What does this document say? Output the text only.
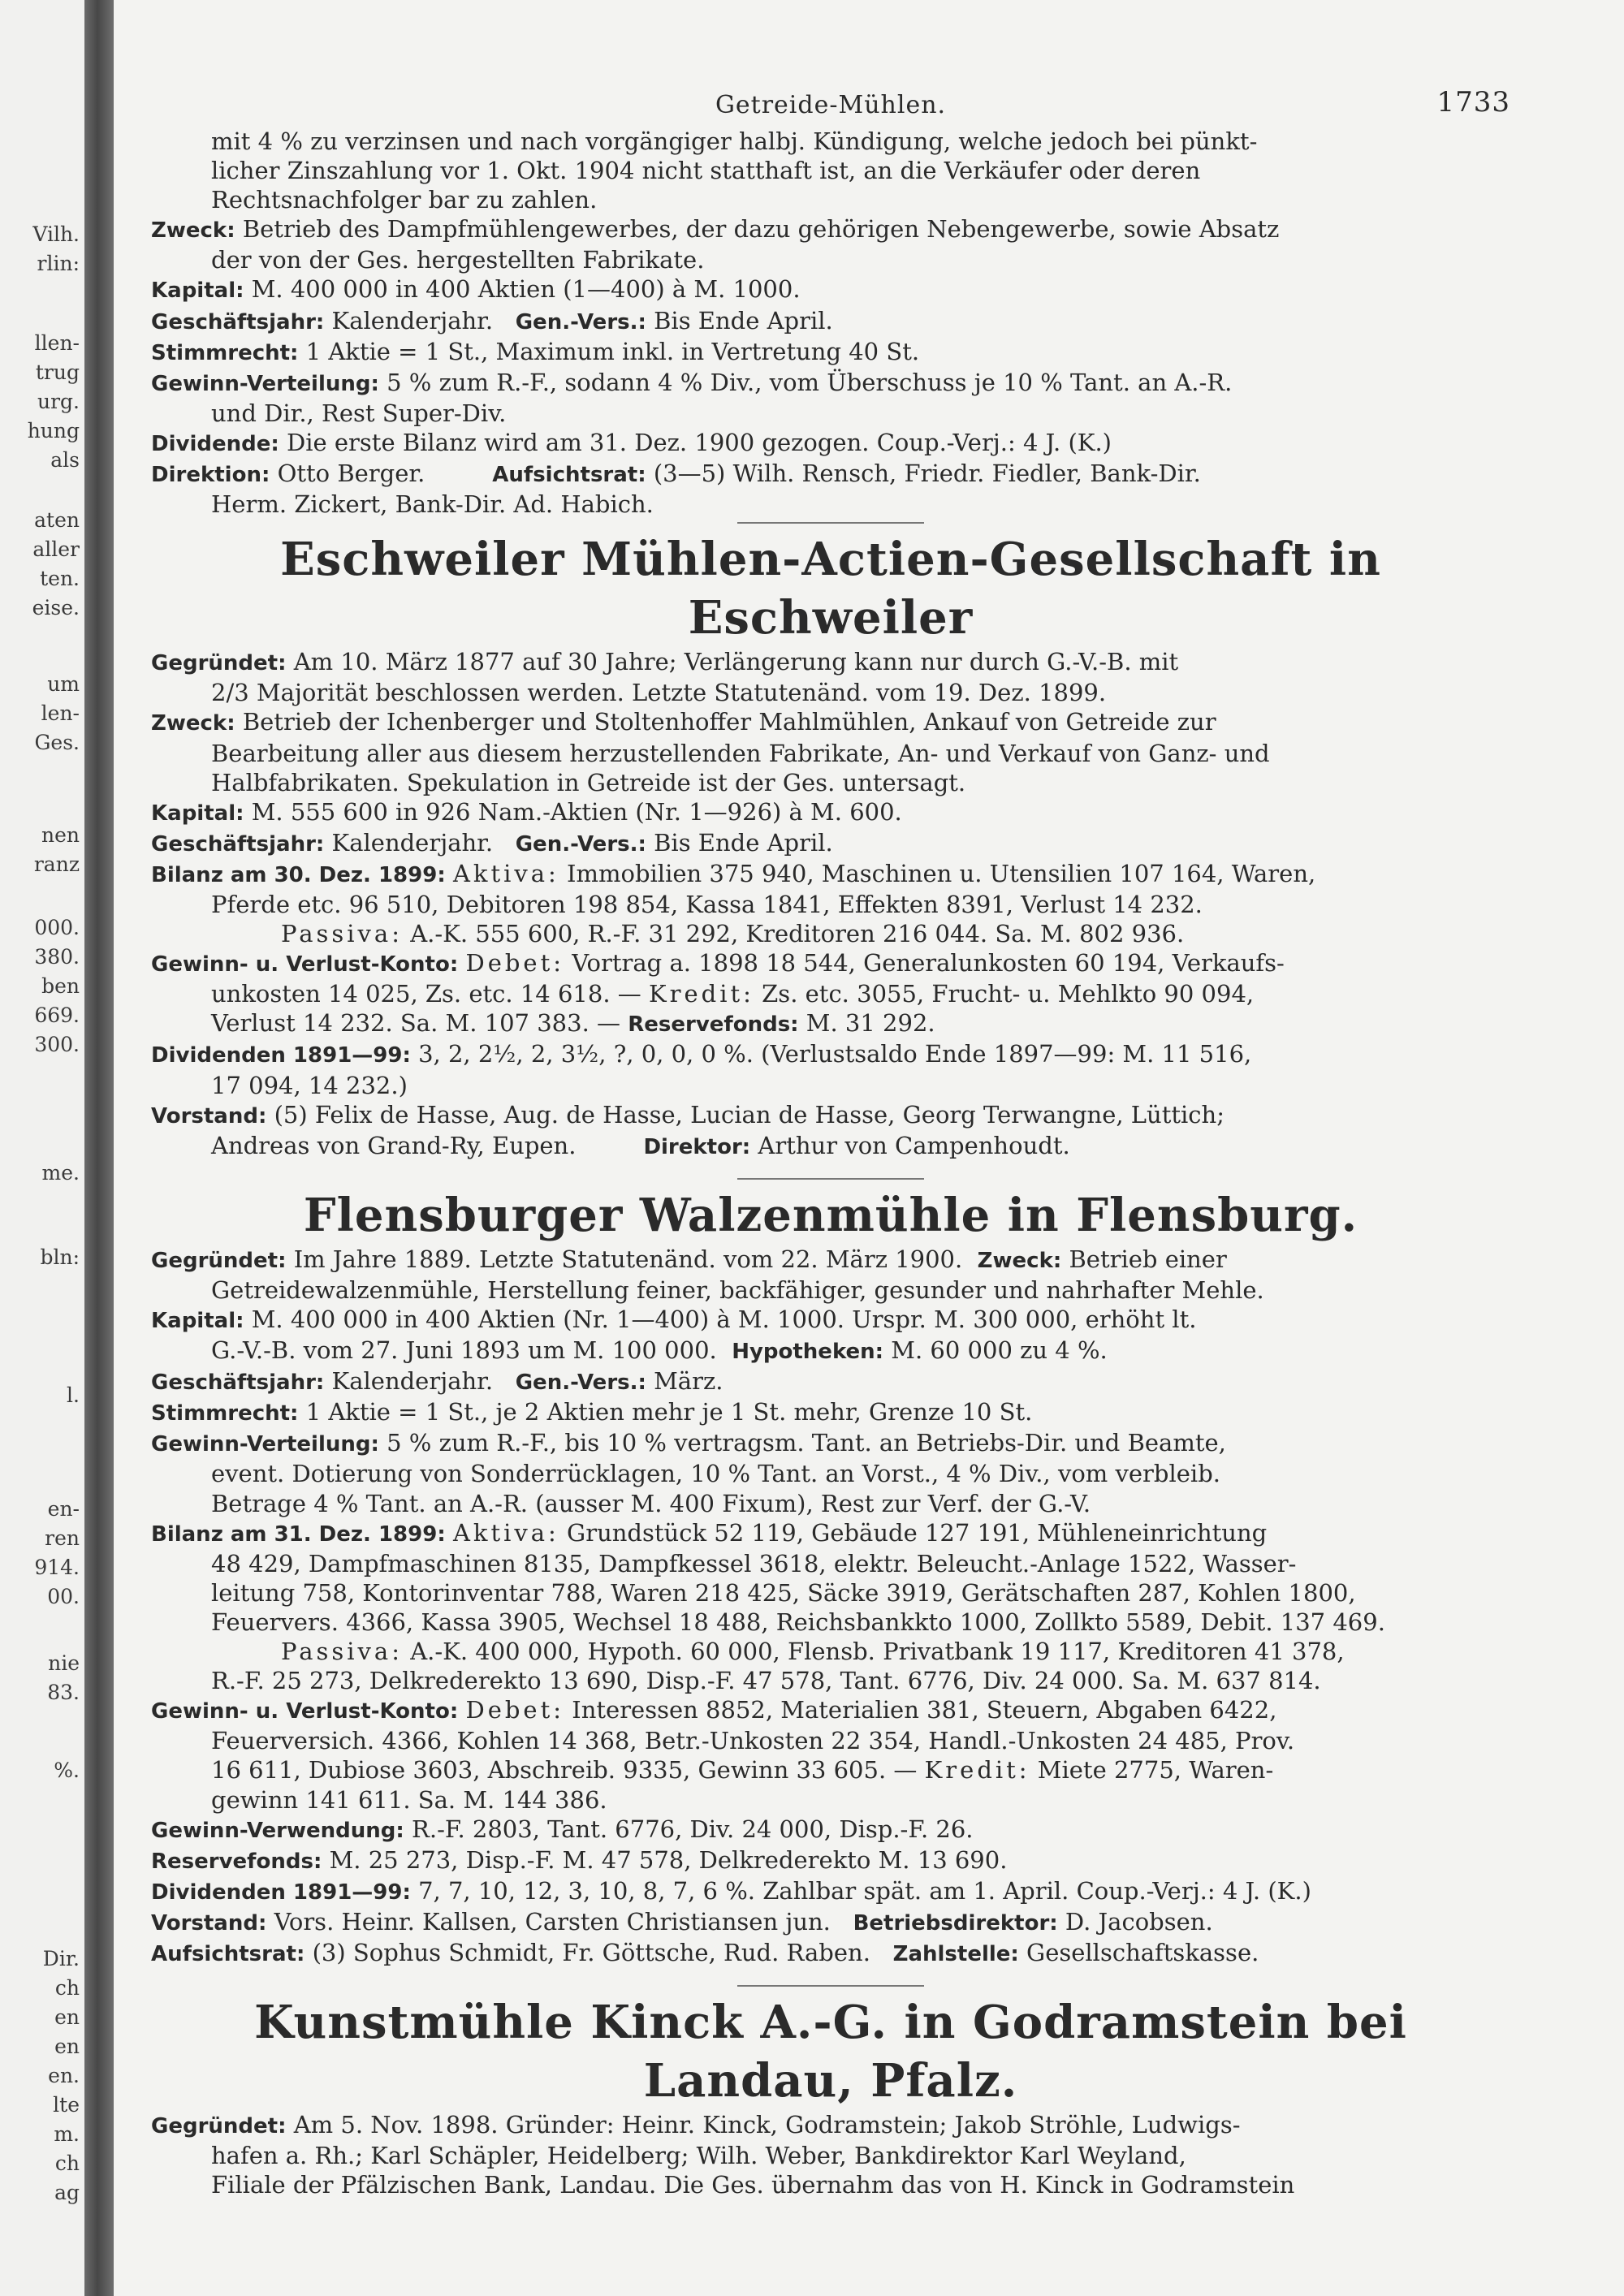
Vilh.
rlin:
llen-
trug
urg.
hung
als
aten
aller
ten.
eise.
um
len-
Ges.
nen
ranz
000.
380.
ben
669.
300.
me.
bln:
l.
en-
ren
914.
00.
nie
83.
%.
Dir.
ch
en
en
en.
lte
m.
ch
ag
Getreide-Mühlen.	1733
mit 4 % zu verzinsen und nach vorgängiger halbj. Kündigung, welche jedoch bei pünkt-
licher Zinszahlung vor 1. Okt. 1904 nicht statthaft ist, an die Verkäufer oder deren
Rechtsnachfolger bar zu zahlen.
Zweck: Betrieb des Dampfmühlengewerbes, der dazu gehörigen Nebengewerbe, sowie Absatz
der von der Ges. hergestellten Fabrikate.
Kapital: M. 400 000 in 400 Aktien (1—400) à M. 1000.
Geschäftsjahr: Kalenderjahr. Gen.-Vers.: Bis Ende April.
Stimmrecht: 1 Aktie = 1 St., Maximum inkl. in Vertretung 40 St.
Gewinn-Verteilung: 5 % zum R.-F., sodann 4 % Div., vom Überschuss je 10 % Tant. an A.-R.
und Dir., Rest Super-Div.
Dividende: Die erste Bilanz wird am 31. Dez. 1900 gezogen. Coup.-Verj.: 4 J. (K.)
Direktion: Otto Berger.	Aufsichtsrat: (3—5) Wilh. Rensch, Friedr. Fiedler, Bank-Dir.
Herm. Zickert, Bank-Dir. Ad. Habich.
Eschweiler Mühlen-Actien-Gesellschaft in Eschweiler
Gegründet: Am 10. März 1877 auf 30 Jahre; Verlängerung kann nur durch G.-V.-B. mit
2/3 Majorität beschlossen werden. Letzte Statutenänd. vom 19. Dez. 1899.
Zweck: Betrieb der Ichenberger und Stoltenhoffer Mahlmühlen, Ankauf von Getreide zur
Bearbeitung aller aus diesem herzustellenden Fabrikate, An- und Verkauf von Ganz- und
Halbfabrikaten. Spekulation in Getreide ist der Ges. untersagt.
Kapital: M. 555 600 in 926 Nam.-Aktien (Nr. 1—926) à M. 600.
Geschäftsjahr: Kalenderjahr. Gen.-Vers.: Bis Ende April.
Bilanz am 30. Dez. 1899: Aktiva: Immobilien 375 940, Maschinen u. Utensilien 107 164, Waren,
Pferde etc. 96 510, Debitoren 198 854, Kassa 1841, Effekten 8391, Verlust 14 232.
Passiva: A.-K. 555 600, R.-F. 31 292, Kreditoren 216 044. Sa. M. 802 936.
Gewinn- u. Verlust-Konto: Debet: Vortrag a. 1898 18 544, Generalunkosten 60 194, Verkaufs-
unkosten 14 025, Zs. etc. 14 618. — Kredit: Zs. etc. 3055, Frucht- u. Mehlkto 90 094,
Verlust 14 232. Sa. M. 107 383. — Reservefonds: M. 31 292.
Dividenden 1891—99: 3, 2, 2½, 2, 3½, ?, 0, 0, 0 %. (Verlustsaldo Ende 1897—99: M. 11 516,
17 094, 14 232.)
Vorstand: (5) Felix de Hasse, Aug. de Hasse, Lucian de Hasse, Georg Terwangne, Lüttich;
Andreas von Grand-Ry, Eupen.	Direktor: Arthur von Campenhoudt.
Flensburger Walzenmühle in Flensburg.
Gegründet: Im Jahre 1889. Letzte Statutenänd. vom 22. März 1900. Zweck: Betrieb einer
Getreidewalzenmühle, Herstellung feiner, backfähiger, gesunder und nahrhafter Mehle.
Kapital: M. 400 000 in 400 Aktien (Nr. 1—400) à M. 1000. Urspr. M. 300 000, erhöht lt.
G.-V.-B. vom 27. Juni 1893 um M. 100 000. Hypotheken: M. 60 000 zu 4 %.
Geschäftsjahr: Kalenderjahr. Gen.-Vers.: März.
Stimmrecht: 1 Aktie = 1 St., je 2 Aktien mehr je 1 St. mehr, Grenze 10 St.
Gewinn-Verteilung: 5 % zum R.-F., bis 10 % vertragsm. Tant. an Betriebs-Dir. und Beamte,
event. Dotierung von Sonderrücklagen, 10 % Tant. an Vorst., 4 % Div., vom verbleib.
Betrage 4 % Tant. an A.-R. (ausser M. 400 Fixum), Rest zur Verf. der G.-V.
Bilanz am 31. Dez. 1899: Aktiva: Grundstück 52 119, Gebäude 127 191, Mühleneinrichtung
48 429, Dampfmaschinen 8135, Dampfkessel 3618, elektr. Beleucht.-Anlage 1522, Wasser-
leitung 758, Kontorinventar 788, Waren 218 425, Säcke 3919, Gerätschaften 287, Kohlen 1800,
Feuervers. 4366, Kassa 3905, Wechsel 18 488, Reichsbankkto 1000, Zollkto 5589, Debit. 137 469.
Passiva: A.-K. 400 000, Hypoth. 60 000, Flensb. Privatbank 19 117, Kreditoren 41 378,
R.-F. 25 273, Delkrederekto 13 690, Disp.-F. 47 578, Tant. 6776, Div. 24 000. Sa. M. 637 814.
Gewinn- u. Verlust-Konto: Debet: Interessen 8852, Materialien 381, Steuern, Abgaben 6422,
Feuerversich. 4366, Kohlen 14 368, Betr.-Unkosten 22 354, Handl.-Unkosten 24 485, Prov.
16 611, Dubiose 3603, Abschreib. 9335, Gewinn 33 605. — Kredit: Miete 2775, Waren-
gewinn 141 611. Sa. M. 144 386.
Gewinn-Verwendung: R.-F. 2803, Tant. 6776, Div. 24 000, Disp.-F. 26.
Reservefonds: M. 25 273, Disp.-F. M. 47 578, Delkrederekto M. 13 690.
Dividenden 1891—99: 7, 7, 10, 12, 3, 10, 8, 7, 6 %. Zahlbar spät. am 1. April. Coup.-Verj.: 4 J. (K.)
Vorstand: Vors. Heinr. Kallsen, Carsten Christiansen jun. Betriebsdirektor: D. Jacobsen.
Aufsichtsrat: (3) Sophus Schmidt, Fr. Göttsche, Rud. Raben. Zahlstelle: Gesellschaftskasse.
Kunstmühle Kinck A.-G. in Godramstein bei Landau, Pfalz.
Gegründet: Am 5. Nov. 1898. Gründer: Heinr. Kinck, Godramstein; Jakob Ströhle, Ludwigs-
hafen a. Rh.; Karl Schäpler, Heidelberg; Wilh. Weber, Bankdirektor Karl Weyland,
Filiale der Pfälzischen Bank, Landau. Die Ges. übernahm das von H. Kinck in Godramstein
